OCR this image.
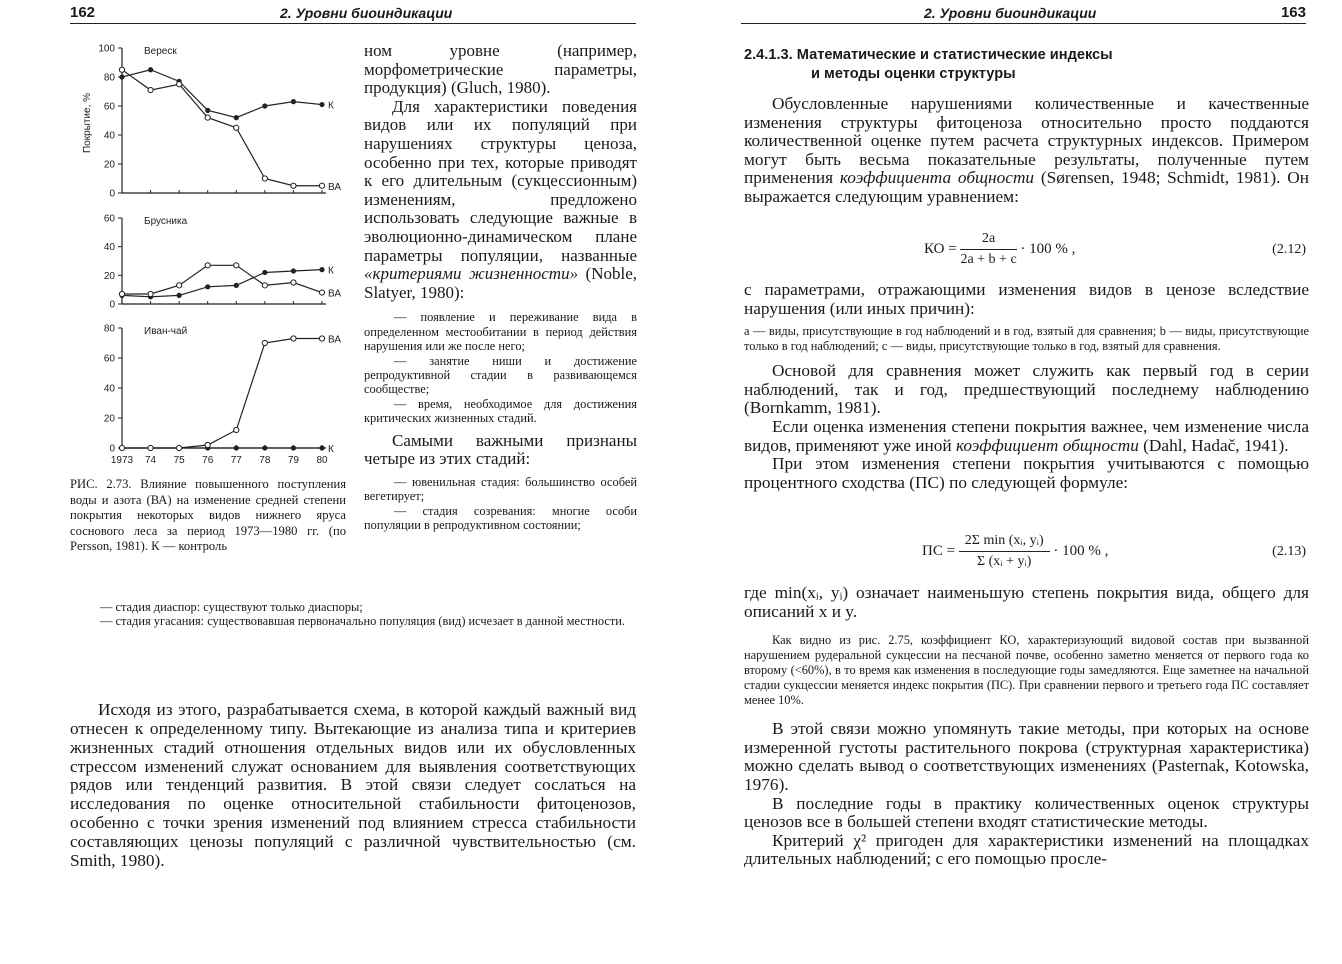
162	2. Уровни биоиндикации
100
80
60
40
20
0
Вереск
К
ВА
60
40
20
0
Брусника
К
ВА
80
60
40
20
0
Иван-чай
К
ВА
1973 74 75 76 77 78 79 80
Покрытие, %
РИС. 2.73. Влияние повышенного поступления воды и азота (ВА) на изменение средней степени покрытия некоторых видов нижнего яруса соснового леса за период 1973—1980 гг. (по Persson, 1981). К — контроль

ном уровне (например, морфометрические параметры, продукция) (Gluch, 1980).

Для характеристики поведения видов или их популяций при нарушениях структуры ценоза, особенно при тех, которые приводят к его длительным (сукцессионным) изменениям, предложено использовать следующие важные в эволюционно-динамическом плане параметры популяции, названные «критериями жизненности» (Noble, Slatyer, 1980):

— появление и переживание вида в определенном местообитании в период действия нарушения или же после него;

— занятие ниши и достижение репродуктивной стадии в развивающемся сообществе;

— время, необходимое для достижения критических жизненных стадий.

Самыми важными признаны четыре из этих стадий:

— ювенильная стадия: большинство особей вегетирует;

— стадия созревания: многие особи популяции в репродуктивном состоянии;

— стадия диаспор: существуют только диаспоры;

— стадия угасания: существовавшая первоначально популяция (вид) исчезает в данной местности.

Исходя из этого, разрабатывается схема, в которой каждый важный вид отнесен к определенному типу. Вытекающие из анализа типа и критериев жизненных стадий отношения отдельных видов или их обусловленных стрессом изменений служат основанием для выявления соответствующих рядов или тенденций развития. В этой связи следует сослаться на исследования по оценке относительной стабильности фитоценозов, особенно с точки зрения изменений под влиянием стресса стабильности составляющих ценозы популяций с различной чувствительностью (см. Smith, 1980).

2. Уровни биоиндикации	163
2.4.1.3. Математические и статистические индексы
и методы оценки структуры

Обусловленные нарушениями количественные и качественные изменения структуры фитоценоза относительно просто поддаются количественной оценке путем расчета структурных индексов. Примером могут быть весьма показательные результаты, полученные путем применения коэффициента общности (Sørensen, 1948; Schmidt, 1981). Он выражается следующим уравнением:

КО = $\frac{2a}{2a + b + c} \cdot 100$ % ,	(2.12)

с параметрами, отражающими изменения видов в ценозе вследствие нарушения (или иных причин):

a — виды, присутствующие в год наблюдений и в год, взятый для сравнения; b — виды, присутствующие только в год наблюдений; c — виды, присутствующие только в год, взятый для сравнения.

Основой для сравнения может служить как первый год в серии наблюдений, так и год, предшествующий последнему наблюдению (Bornkamm, 1981).

Если оценка изменения степени покрытия важнее, чем изменение числа видов, применяют уже иной коэффициент общности (Dahl, Hadač, 1941).

При этом изменения степени покрытия учитываются с помощью процентного сходства (ПС) по следующей формуле:

ПС = $\frac{\text{2Σ min (xᵢ, yᵢ)}}{\text{Σ (xᵢ + yᵢ)}} \cdot 100$ % ,	(2.13)

где min(xᵢ, yᵢ) означает наименьшую степень покрытия вида, общего для описаний x и y.

Как видно из рис. 2.75, коэффициент КО, характеризующий видовой состав при вызванной нарушением рудеральной сукцессии на песчаной почве, особенно заметно меняется от первого года ко второму (<60%), в то время как изменения в последующие годы замедляются. Еще заметнее на начальной стадии сукцессии меняется индекс покрытия (ПС). При сравнении первого и третьего года ПС составляет менее 10%.

В этой связи можно упомянуть такие методы, при которых на основе измеренной густоты растительного покрова (структурная характеристика) можно сделать вывод о соответствующих изменениях (Pasternak, Kotowska, 1976).

В последние годы в практику количественных оценок структуры ценозов все в большей степени входят статистические методы.

Критерий χ² пригоден для характеристики изменений на площадках длительных наблюдений; с его помощью просле-
